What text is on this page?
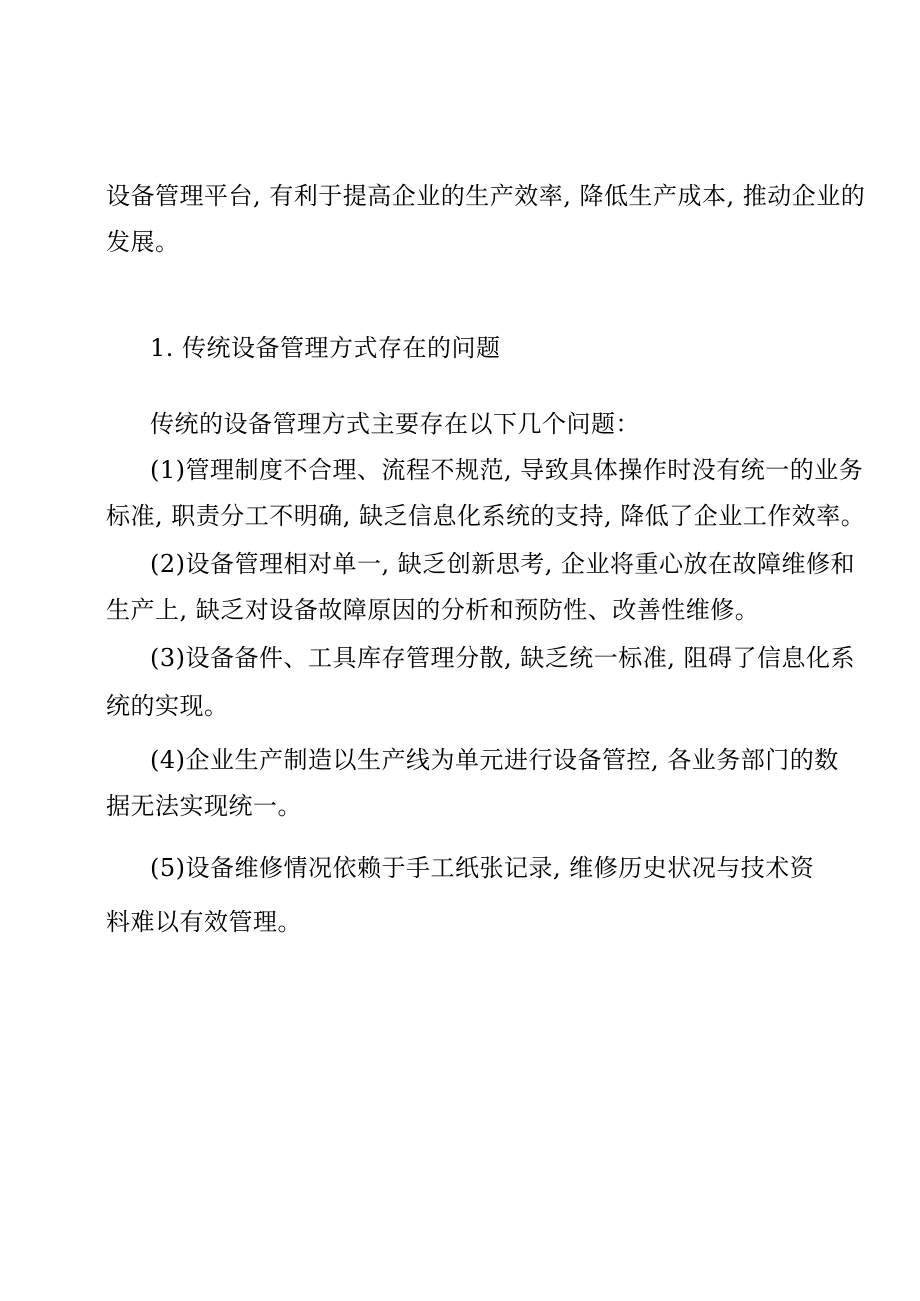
设备管理平台, 有利于提高企业的生产效率, 降低生产成本, 推动企业的
发展。
1. 传统设备管理方式存在的问题
传统的设备管理方式主要存在以下几个问题：
(1)管理制度不合理、流程不规范, 导致具体操作时没有统一的业务
标准, 职责分工不明确, 缺乏信息化系统的支持, 降低了企业工作效率。
(2)设备管理相对单一, 缺乏创新思考, 企业将重心放在故障维修和
生产上, 缺乏对设备故障原因的分析和预防性、改善性维修。
(3)设备备件、工具库存管理分散, 缺乏统一标准, 阻碍了信息化系
统的实现。
(4)企业生产制造以生产线为单元进行设备管控, 各业务部门的数
据无法实现统一。
(5)设备维修情况依赖于手工纸张记录, 维修历史状况与技术资
料难以有效管理。
